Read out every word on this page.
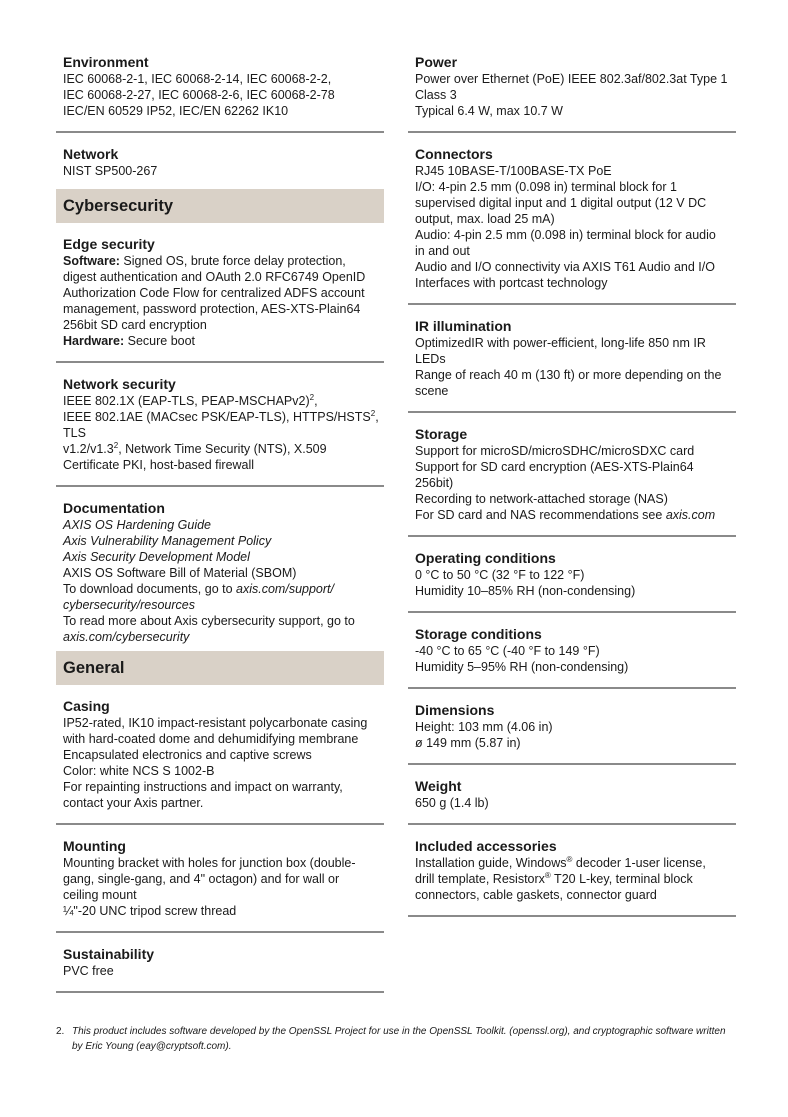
Environment
IEC 60068-2-1, IEC 60068-2-14, IEC 60068-2-2,
IEC 60068-2-27, IEC 60068-2-6, IEC 60068-2-78
IEC/EN 60529 IP52, IEC/EN 62262 IK10
Network
NIST SP500-267
Cybersecurity
Edge security
Software: Signed OS, brute force delay protection,
digest authentication and OAuth 2.0 RFC6749 OpenID
Authorization Code Flow for centralized ADFS account
management, password protection, AES-XTS-Plain64
256bit SD card encryption
Hardware: Secure boot
Network security
IEEE 802.1X (EAP-TLS, PEAP-MSCHAPv2)$^2$,
IEEE 802.1AE (MACsec PSK/EAP-TLS), HTTPS/HSTS$^2$, TLS
$v1.2/v1.3^2$, Network Time Security (NTS), X.509
Certificate PKI, host-based firewall
Documentation
AXIS OS Hardening Guide
Axis Vulnerability Management Policy
Axis Security Development Model
AXIS OS Software Bill of Material (SBOM)
To download documents, go to axis.com/support/
cybersecurity/resources
To read more about Axis cybersecurity support, go to
axis.com/cybersecurity
General
Casing
IP52-rated, IK10 impact-resistant polycarbonate casing
with hard-coated dome and dehumidifying membrane
Encapsulated electronics and captive screws
Color: white NCS S 1002-B
For repainting instructions and impact on warranty,
contact your Axis partner.
Mounting
Mounting bracket with holes for junction box (double-
gang, single-gang, and 4" octagon) and for wall or
ceiling mount
¼"-20 UNC tripod screw thread
Sustainability
PVC free
Power
Power over Ethernet (PoE) IEEE 802.3af/802.3at Type 1
Class 3
Typical 6.4 W, max 10.7 W
Connectors
RJ45 10BASE-T/100BASE-TX PoE
I/O: 4-pin 2.5 mm (0.098 in) terminal block for 1
supervised digital input and 1 digital output (12 V DC
output, max. load 25 mA)
Audio: 4-pin 2.5 mm (0.098 in) terminal block for audio
in and out
Audio and I/O connectivity via AXIS T61 Audio and I/O
Interfaces with portcast technology
IR illumination
OptimizedIR with power-efficient, long-life 850 nm IR
LEDs
Range of reach 40 m (130 ft) or more depending on the
scene
Storage
Support for microSD/microSDHC/microSDXC card
Support for SD card encryption (AES-XTS-Plain64
256bit)
Recording to network-attached storage (NAS)
For SD card and NAS recommendations see axis.com
Operating conditions
0 °C to 50 °C (32 °F to 122 °F)
Humidity 10–85% RH (non-condensing)
Storage conditions
-40 °C to 65 °C (-40 °F to 149 °F)
Humidity 5–95% RH (non-condensing)
Dimensions
Height: 103 mm (4.06 in)
ø 149 mm (5.87 in)
Weight
650 g (1.4 lb)
Included accessories
Installation guide, Windows® decoder 1-user license,
drill template, Resistorx® T20 L-key, terminal block
connectors, cable gaskets, connector guard
2. This product includes software developed by the OpenSSL Project for use in the OpenSSL Toolkit. (openssl.org), and cryptographic software written by Eric Young (eay@cryptsoft.com).
